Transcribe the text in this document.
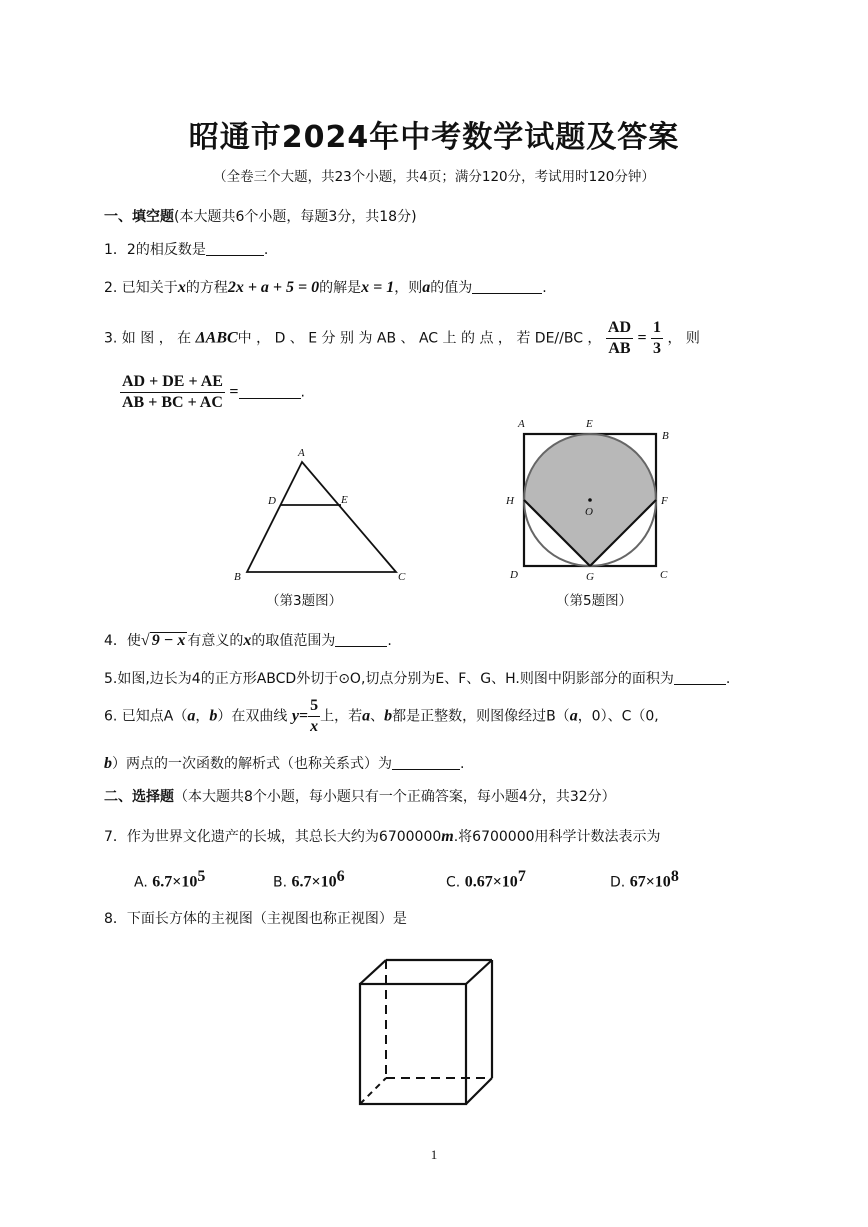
昭通市2024年中考数学试题及答案
（全卷三个大题，共23个小题，共4页；满分120分，考试用时120分钟）
一、填空题(本大题共6个小题，每题3分，共18分)
1．2的相反数是	.
2. 已知关于x的方程2x + a + 5 = 0的解是x = 1，则a的值为	.
3. 如 图 ， 在 ΔABC中 ， D 、 E 分 别 为 AB 、 AC 上 的 点 ， 若 DE//BC ， $\frac{AD}{AB} = \frac{1}{3}$ ， 则
$\frac{AD + DE + AE}{AB + BC + AC}$ =	.
A
B	C
D	E
（第3题图）
A	E
B
H	F
O
D	G	C
（第5题图）
4．使√ 9 − x 有意义的x的取值范围为	.
5.如图,边长为4的正方形ABCD外切于⊙O,切点分别为E、F、G、H.则图中阴影部分的面积为	.
6. 已知点A（a，b）在双曲线 $y= \frac{5}{x}$ 上，若a、b都是正整数，则图像经过B（a，0）、C（0,
b）两点的一次函数的解析式（也称关系式）为	.
二、选择题（本大题共8个小题，每小题只有一个正确答案，每小题4分，共32分）
7．作为世界文化遗产的长城，其总长大约为6700000m.将6700000用科学计数法表示为
A. $6.7\times 10^5$	B. $6.7\times 10^6$	C. $0.67\times 10^7$	D. $67\times 10^8$
8．下面长方体的主视图（主视图也称正视图）是
1
